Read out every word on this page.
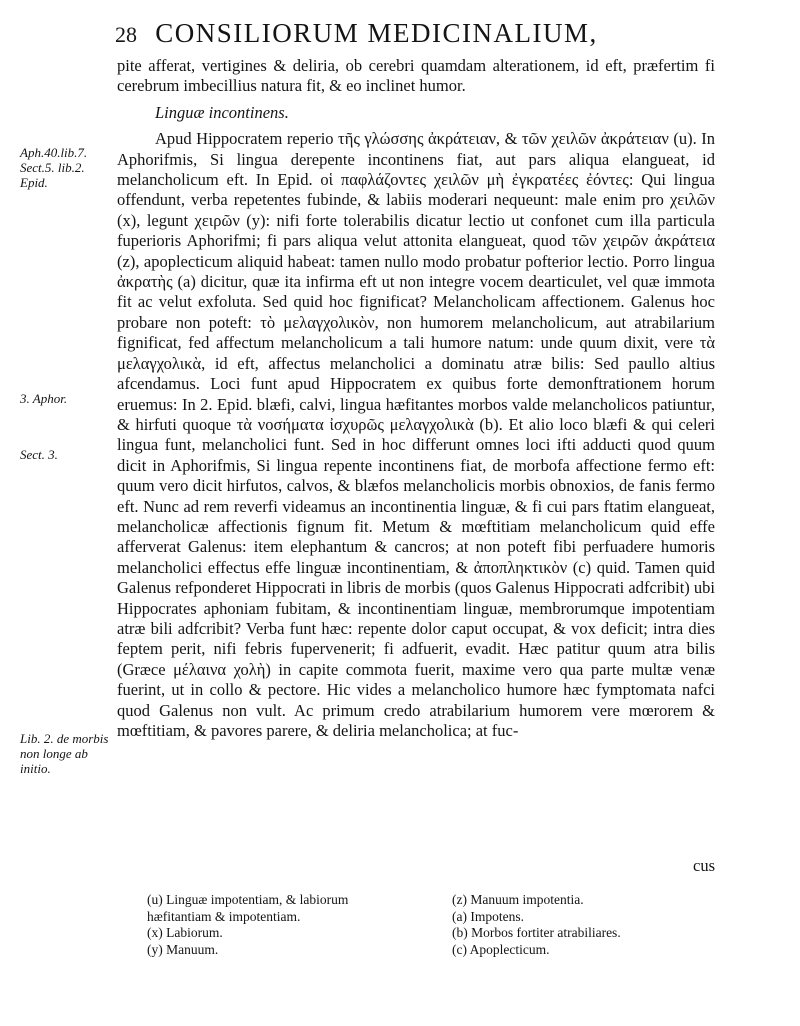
28 CONSILIORUM MEDICINALIUM,
Aph.40.lib.7.
Sect.5. lib.2.
Epid.
3. Aphor.
Sect. 3.
Lib. 2. de morbis non longe ab initio.

pite afferat, vertigines & deliria, ob cerebri quamdam alterationem, id eft, præfertim fi cerebrum imbecillius natura fit, & eo inclinet humor.

Linguæ incontinens.

Apud Hippocratem reperio τῆς γλώσσης ἀκράτειαν, & τῶν χειλῶν ἀκράτειαν (u). In Aphorifmis, Si lingua derepente incontinens fiat, aut pars aliqua elangueat, id melancholicum eft. In Epid. οἱ παφλάζοντες χειλῶν μὴ ἐγκρατέες ἐόντες: Qui lingua offendunt, verba repetentes fubinde, & labiis moderari nequeunt: male enim pro χειλῶν (x), legunt χειρῶν (y): nifi forte tolerabilis dicatur lectio ut confonet cum illa particula fuperioris Aphorifmi; fi pars aliqua velut attonita elangueat, quod τῶν χειρῶν ἀκράτεια (z), apoplecticum aliquid habeat: tamen nullo modo probatur pofterior lectio. Porro lingua ἀκρατὴς (a) dicitur, quæ ita infirma eft ut non integre vocem dearticulet, vel quæ immota fit ac velut exfoluta. Sed quid hoc fignificat? Melancholicam affectionem. Galenus hoc probare non poteft: τὸ μελαγχολικὸν, non humorem melancholicum, aut atrabilarium fignificat, fed affectum melancholicum a tali humore natum: unde quum dixit, vere τὰ μελαγχολικὰ, id eft, affectus melancholici a dominatu atræ bilis: Sed paullo altius afcendamus. Loci funt apud Hippocratem ex quibus forte demonftrationem horum eruemus: In 2. Epid. blæfi, calvi, lingua hæfitantes morbos valde melancholicos patiuntur, & hirfuti quoque τὰ νοσήματα ἰσχυρῶς μελαγχολικὰ (b). Et alio loco blæfi & qui celeri lingua funt, melancholici funt. Sed in hoc differunt omnes loci ifti adducti quod quum dicit in Aphorifmis, Si lingua repente incontinens fiat, de morbofa affectione fermo eft: quum vero dicit hirfutos, calvos, & blæfos melancholicis morbis obnoxios, de fanis fermo eft. Nunc ad rem reverfi videamus an incontinentia linguæ, & fi cui pars ftatim elangueat, melancholicæ affectionis fignum fit. Metum & mœftitiam melancholicum quid effe afferverat Galenus: item elephantum & cancros; at non poteft fibi perfuadere humoris melancholici effectus effe linguæ incontinentiam, & ἀποπληκτικὸν (c) quid. Tamen quid Galenus refponderet Hippocrati in libris de morbis (quos Galenus Hippocrati adfcribit) ubi Hippocrates aphoniam fubitam, & incontinentiam linguæ, membrorumque impotentiam atræ bili adfcribit? Verba funt hæc: repente dolor caput occupat, & vox deficit; intra dies feptem perit, nifi febris fupervenerit; fi adfuerit, evadit. Hæc patitur quum atra bilis (Græce μέλαινα χολὴ) in capite commota fuerit, maxime vero qua parte multæ venæ fuerint, ut in collo & pectore. Hic vides a melancholico humore hæc fymptomata nafci quod Galenus non vult. Ac primum credo atrabilarium humorem vere mœrorem & mœftitiam, & pavores parere, & deliria melancholica; at fuc-

cus
(u) Linguæ impotentiam, & labiorum
hæfitantiam & impotentiam.
(x) Labiorum.
(y) Manuum.
(z) Manuum impotentia.
(a) Impotens.
(b) Morbos fortiter atrabiliares.
(c) Apoplecticum.
